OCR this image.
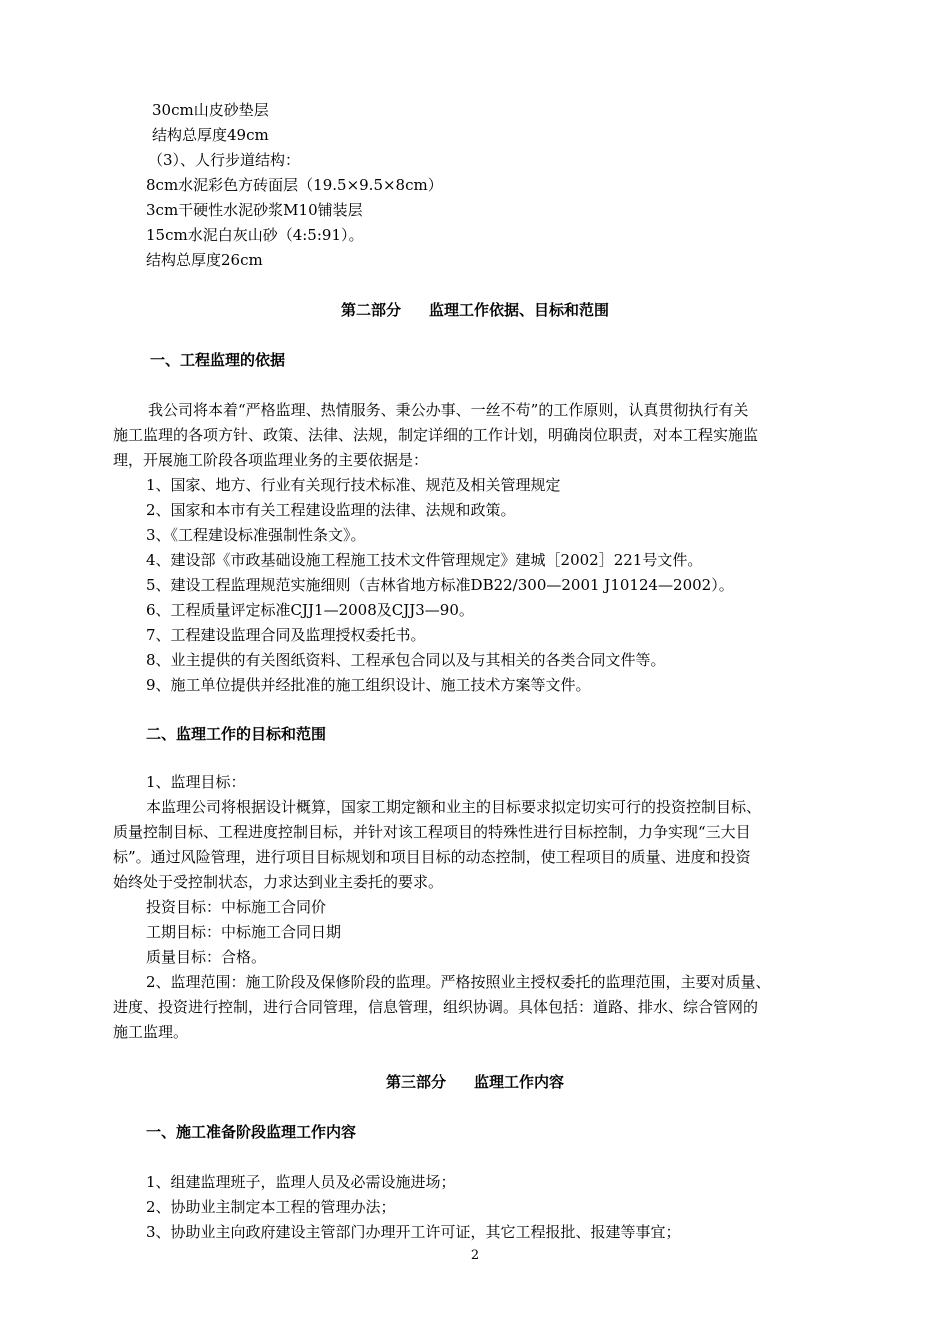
30cm山皮砂垫层
结构总厚度49cm
（3）、人行步道结构：
8cm水泥彩色方砖面层（19.5×9.5×8cm）
3cm干硬性水泥砂浆M10铺装层
15cm水泥白灰山砂（4:5:91）。
结构总厚度26cm
第二部分 监理工作依据、目标和范围
一、工程监理的依据
我公司将本着“严格监理、热情服务、秉公办事、一丝不苟”的工作原则，认真贯彻执行有关
施工监理的各项方针、政策、法律、法规，制定详细的工作计划，明确岗位职责，对本工程实施监
理，开展施工阶段各项监理业务的主要依据是：
1、国家、地方、行业有关现行技术标准、规范及相关管理规定
2、国家和本市有关工程建设监理的法律、法规和政策。
3、《工程建设标准强制性条文》。
4、建设部《市政基础设施工程施工技术文件管理规定》建城［2002］221号文件。
5、建设工程监理规范实施细则（吉林省地方标准DB22/300—2001 J10124—2002）。
6、工程质量评定标准CJJ1—2008及CJJ3—90。
7、工程建设监理合同及监理授权委托书。
8、业主提供的有关图纸资料、工程承包合同以及与其相关的各类合同文件等。
9、施工单位提供并经批准的施工组织设计、施工技术方案等文件。
二、监理工作的目标和范围
1、监理目标：
本监理公司将根据设计概算，国家工期定额和业主的目标要求拟定切实可行的投资控制目标、
质量控制目标、工程进度控制目标，并针对该工程项目的特殊性进行目标控制，力争实现“三大目
标”。通过风险管理，进行项目目标规划和项目目标的动态控制，使工程项目的质量、进度和投资
始终处于受控制状态，力求达到业主委托的要求。
投资目标：中标施工合同价
工期目标：中标施工合同日期
质量目标：合格。
2、监理范围：施工阶段及保修阶段的监理。严格按照业主授权委托的监理范围，主要对质量、
进度、投资进行控制，进行合同管理，信息管理，组织协调。具体包括：道路、排水、综合管网的
施工监理。
第三部分 监理工作内容
一、施工准备阶段监理工作内容
1、组建监理班子，监理人员及必需设施进场；
2、协助业主制定本工程的管理办法；
3、协助业主向政府建设主管部门办理开工许可证，其它工程报批、报建等事宜；
2
